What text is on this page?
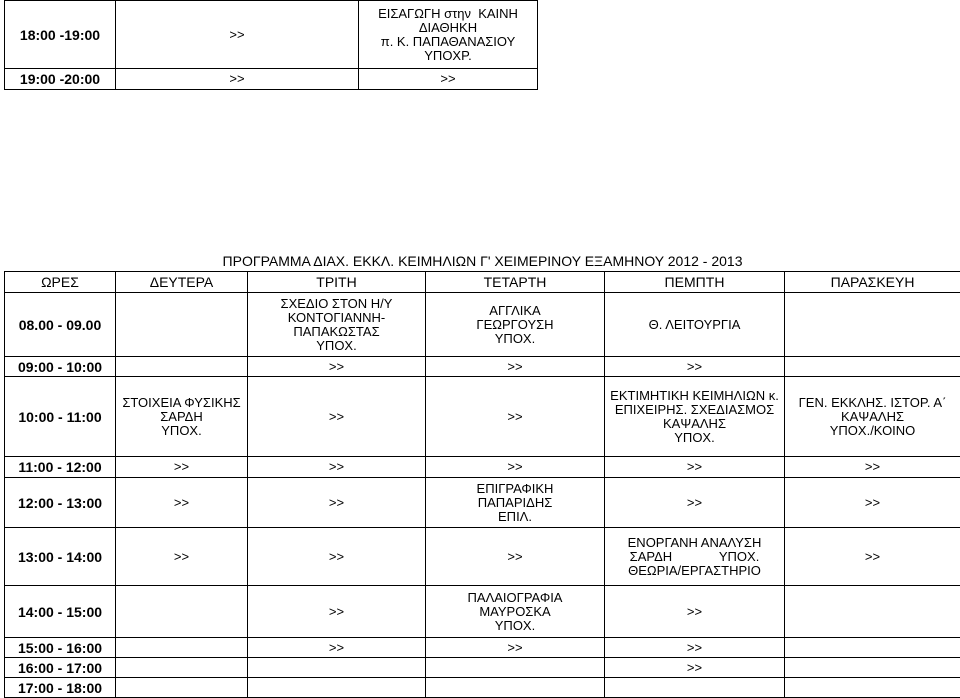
18:00 -19:00	>>	ΕΙΣΑΓΩΓΗ στην  ΚΑΙΝΗ
ΔΙΑΘΗΚΗ
π. Κ. ΠΑΠΑΘΑΝΑΣΙΟΥ
ΥΠΟΧΡ.	
19:00 -20:00	>>	>>	
ΠΡΟΓΡΑΜΜΑ ΔΙΑΧ. ΕΚΚΛ. ΚΕΙΜΗΛΙΩΝ Γ' ΧΕΙΜΕΡΙΝΟΥ ΕΞΑΜΗΝΟΥ 2012 - 2013					
ΩΡΕΣ	ΔΕΥΤΕΡΑ	ΤΡΙΤΗ	ΤΕΤΑΡΤΗ	ΠΕΜΠΤΗ	ΠΑΡΑΣΚΕΥΗ
08.00 - 09.00		ΣΧΕΔΙΟ ΣΤΟΝ Η/Υ
ΚΟΝΤΟΓΙΑΝΝΗ-
ΠΑΠΑΚΩΣΤΑΣ
ΥΠΟΧ.	ΑΓΓΛΙΚΑ
ΓΕΩΡΓΟΥΣΗ
ΥΠΟΧ.	Θ. ΛΕΙΤΟΥΡΓΙΑ	
09:00 - 10:00		>>	>>	>>	
10:00 - 11:00	ΣΤΟΙΧΕΙΑ ΦΥΣΙΚΗΣ
ΣΑΡΔΗ
ΥΠΟΧ.	>>	>>	ΕΚΤΙΜΗΤΙΚΗ ΚΕΙΜΗΛΙΩΝ κ.
ΕΠΙΧΕΙΡΗΣ. ΣΧΕΔΙΑΣΜΟΣ
ΚΑΨΑΛΗΣ
ΥΠΟΧ.	ΓΕΝ. ΕΚΚΛΗΣ. ΙΣΤΟΡ. Α΄
ΚΑΨΑΛΗΣ
ΥΠΟΧ./ΚΟΙΝΟ
11:00 - 12:00	>>	>>	>>	>>	>>
12:00 - 13:00	>>	>>	ΕΠΙΓΡΑΦΙΚΗ
ΠΑΠΑΡΙΔΗΣ
ΕΠΙΛ.	>>	>>
13:00 - 14:00	>>	>>	>>	ΕΝΟΡΓΑΝΗ ΑΝΑΛΥΣΗ
ΣΑΡΔΗ             ΥΠΟΧ.
ΘΕΩΡΙΑ/ΕΡΓΑΣΤΗΡΙΟ	>>
14:00 - 15:00		>>	ΠΑΛΑΙΟΓΡΑΦΙΑ
ΜΑΥΡΟΣΚΑ
ΥΠΟΧ.	>>	
15:00 - 16:00		>>	>>	>>	
16:00 - 17:00				>>	
17:00 - 18:00					
